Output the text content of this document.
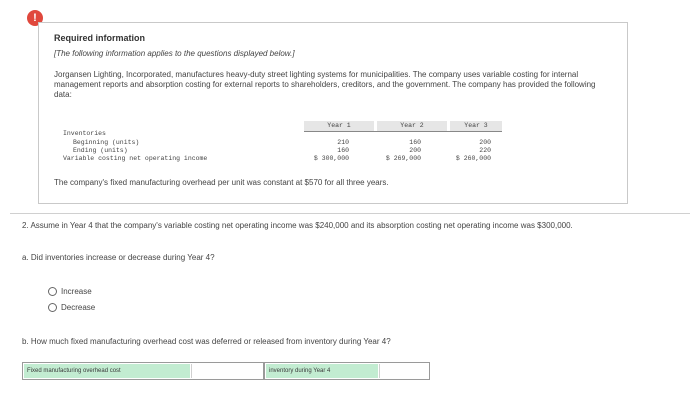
!
Required information
[The following information applies to the questions displayed below.]
Jorgansen Lighting, Incorporated, manufactures heavy-duty street lighting systems for municipalities. The company uses variable costing for internal management reports and absorption costing for external reports to shareholders, creditors, and the government. The company has provided the following data:
Year 1	Year 2	Year 3
Inventories
Beginning (units)	210	160	200
Ending (units)	160	200	220
Variable costing net operating income	$ 300,000	$ 269,000	$ 260,000
The company's fixed manufacturing overhead per unit was constant at $570 for all three years.
2. Assume in Year 4 that the company's variable costing net operating income was $240,000 and its absorption costing net operating income was $300,000.
a. Did inventories increase or decrease during Year 4?
Increase
Decrease
b. How much fixed manufacturing overhead cost was deferred or released from inventory during Year 4?
Fixed manufacturing overhead cost	inventory during Year 4
